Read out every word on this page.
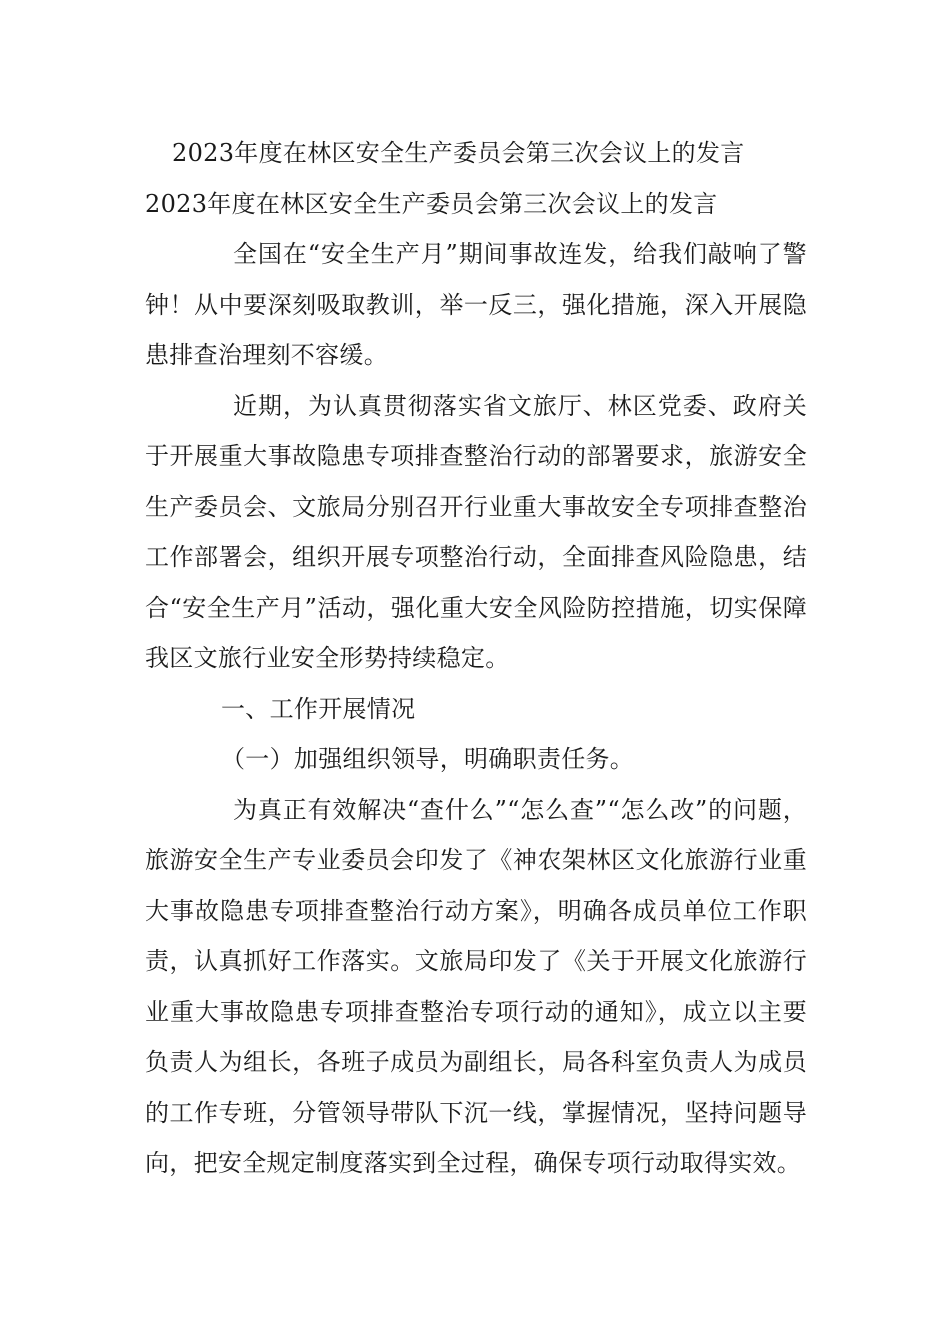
2023年度在林区安全生产委员会第三次会议上的发言
2023年度在林区安全生产委员会第三次会议上的发言

全国在“安全生产月”期间事故连发，给我们敲响了警钟！从中要深刻吸取教训，举一反三，强化措施，深入开展隐患排查治理刻不容缓。

近期，为认真贯彻落实省文旅厅、林区党委、政府关于开展重大事故隐患专项排查整治行动的部署要求，旅游安全生产委员会、文旅局分别召开行业重大事故安全专项排查整治工作部署会，组织开展专项整治行动，全面排查风险隐患，结合“安全生产月”活动，强化重大安全风险防控措施，切实保障我区文旅行业安全形势持续稳定。

一、工作开展情况

（一）加强组织领导，明确职责任务。

为真正有效解决“查什么”“怎么查”“怎么改”的问题，旅游安全生产专业委员会印发了《神农架林区文化旅游行业重大事故隐患专项排查整治行动方案》，明确各成员单位工作职责，认真抓好工作落实。文旅局印发了《关于开展文化旅游行业重大事故隐患专项排查整治专项行动的通知》，成立以主要负责人为组长，各班子成员为副组长，局各科室负责人为成员的工作专班，分管领导带队下沉一线，掌握情况，坚持问题导向，把安全规定制度落实到全过程，确保专项行动取得实效。
